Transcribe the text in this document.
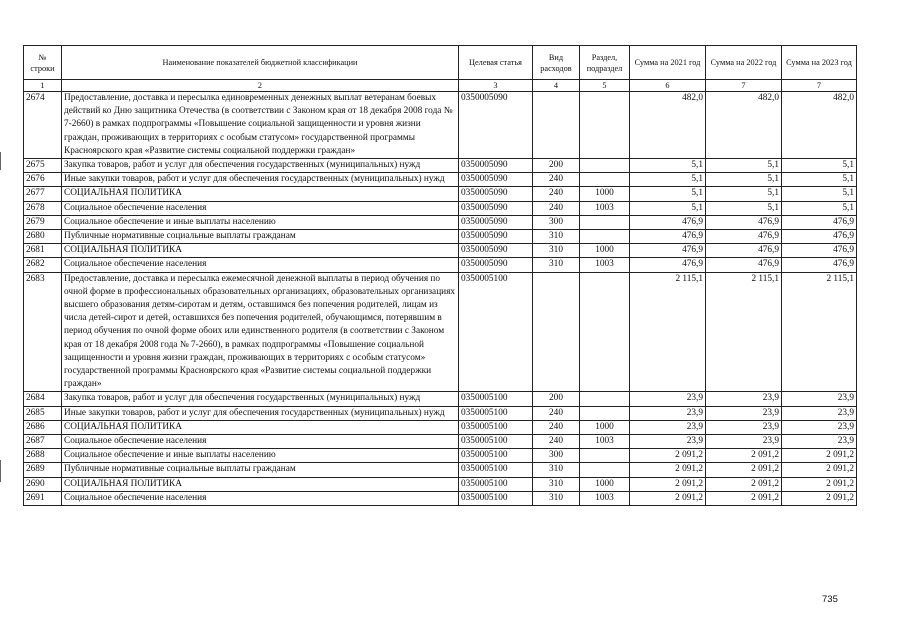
№ строки	Наименование показателей бюджетной классификации	Целевая статья	Вид расходов	Раздел, подраздел	Сумма на 2021 год	Сумма на 2022 год	Сумма на 2023 год
1	2	3	4	5	6	7	7
2674	Предоставление, доставка и пересылка единовременных денежных выплат ветеранам боевых действий ко Дню защитника Отечества (в соответствии с Законом края от 18 декабря 2008 года № 7-2660) в рамках подпрограммы «Повышение социальной защищенности и уровня жизни граждан, проживающих в территориях с особым статусом» государственной программы Красноярского края «Развитие системы социальной поддержки граждан»	0350005090			482,0	482,0	482,0
2675	Закупка товаров, работ и услуг для обеспечения государственных (муниципальных) нужд	0350005090	200		5,1	5,1	5,1
2676	Иные закупки товаров, работ и услуг для обеспечения государственных (муниципальных) нужд	0350005090	240		5,1	5,1	5,1
2677	СОЦИАЛЬНАЯ ПОЛИТИКА	0350005090	240	1000	5,1	5,1	5,1
2678	Социальное обеспечение населения	0350005090	240	1003	5,1	5,1	5,1
2679	Социальное обеспечение и иные выплаты населению	0350005090	300		476,9	476,9	476,9
2680	Публичные нормативные социальные выплаты гражданам	0350005090	310		476,9	476,9	476,9
2681	СОЦИАЛЬНАЯ ПОЛИТИКА	0350005090	310	1000	476,9	476,9	476,9
2682	Социальное обеспечение населения	0350005090	310	1003	476,9	476,9	476,9
2683	Предоставление, доставка и пересылка ежемесячной денежной выплаты в период обучения по очной форме в профессиональных образовательных организациях, образовательных организациях высшего образования детям-сиротам и детям, оставшимся без попечения родителей, лицам из числа детей-сирот и детей, оставшихся без попечения родителей, обучающимся, потерявшим в период обучения по очной форме обоих или единственного родителя (в соответствии с Законом края от 18 декабря 2008 года № 7-2660), в рамках подпрограммы «Повышение социальной защищенности и уровня жизни граждан, проживающих в территориях с особым статусом» государственной программы Красноярского края «Развитие системы социальной поддержки граждан»	0350005100			2 115,1	2 115,1	2 115,1
2684	Закупка товаров, работ и услуг для обеспечения государственных (муниципальных) нужд	0350005100	200		23,9	23,9	23,9
2685	Иные закупки товаров, работ и услуг для обеспечения государственных (муниципальных) нужд	0350005100	240		23,9	23,9	23,9
2686	СОЦИАЛЬНАЯ ПОЛИТИКА	0350005100	240	1000	23,9	23,9	23,9
2687	Социальное обеспечение населения	0350005100	240	1003	23,9	23,9	23,9
2688	Социальное обеспечение и иные выплаты населению	0350005100	300		2 091,2	2 091,2	2 091,2
2689	Публичные нормативные социальные выплаты гражданам	0350005100	310		2 091,2	2 091,2	2 091,2
2690	СОЦИАЛЬНАЯ ПОЛИТИКА	0350005100	310	1000	2 091,2	2 091,2	2 091,2
2691	Социальное обеспечение населения	0350005100	310	1003	2 091,2	2 091,2	2 091,2
735
